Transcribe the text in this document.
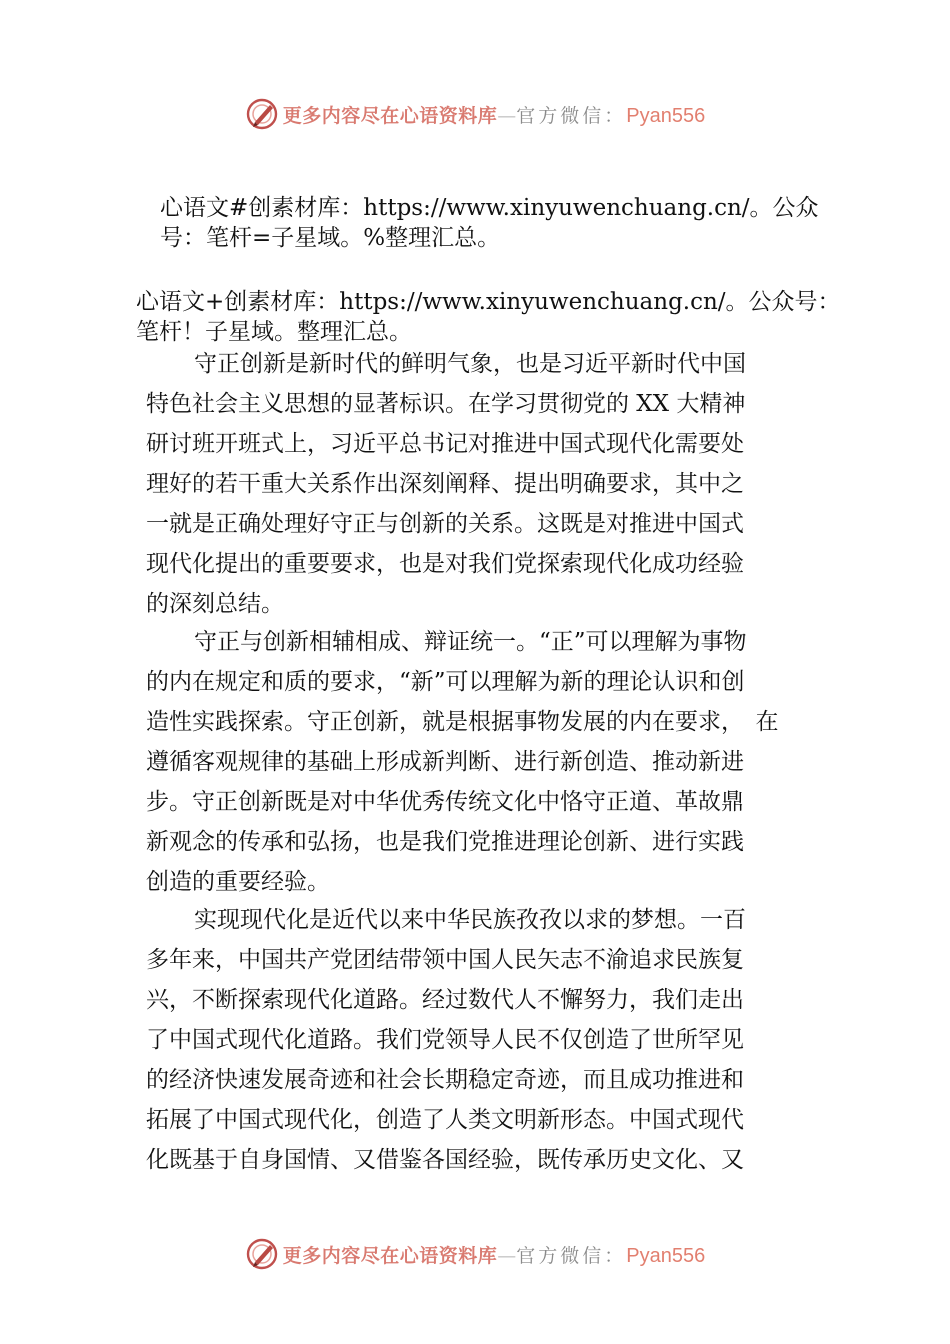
更多内容尽在心语资料库 — 官方微信： Pyan556
心语文#创素材库：https://www.xinyuwenchuang.cn/。公众
号：笔杆=子星域。%整理汇总。
心语文+创素材库：https://www.xinyuwenchuang.cn/。公众号：
笔杆！子星域。整理汇总。
守正创新是新时代的鲜明气象，也是习近平新时代中国
特色社会主义思想的显著标识。在学习贯彻党的 XX 大精神
研讨班开班式上，习近平总书记对推进中国式现代化需要处
理好的若干重大关系作出深刻阐释、提出明确要求，其中之
一就是正确处理好守正与创新的关系。这既是对推进中国式
现代化提出的重要要求，也是对我们党探索现代化成功经验
的深刻总结。
守正与创新相辅相成、辩证统一。“正”可以理解为事物
的内在规定和质的要求，“新”可以理解为新的理论认识和创
造性实践探索。守正创新，就是根据事物发展的内在要求，　在
遵循客观规律的基础上形成新判断、进行新创造、推动新进
步。守正创新既是对中华优秀传统文化中恪守正道、革故鼎
新观念的传承和弘扬，也是我们党推进理论创新、进行实践
创造的重要经验。
实现现代化是近代以来中华民族孜孜以求的梦想。一百
多年来，中国共产党团结带领中国人民矢志不渝追求民族复
兴，不断探索现代化道路。经过数代人不懈努力，我们走出
了中国式现代化道路。我们党领导人民不仅创造了世所罕见
的经济快速发展奇迹和社会长期稳定奇迹，而且成功推进和
拓展了中国式现代化，创造了人类文明新形态。中国式现代
化既基于自身国情、又借鉴各国经验，既传承历史文化、又
更多内容尽在心语资料库 — 官方微信： Pyan556
